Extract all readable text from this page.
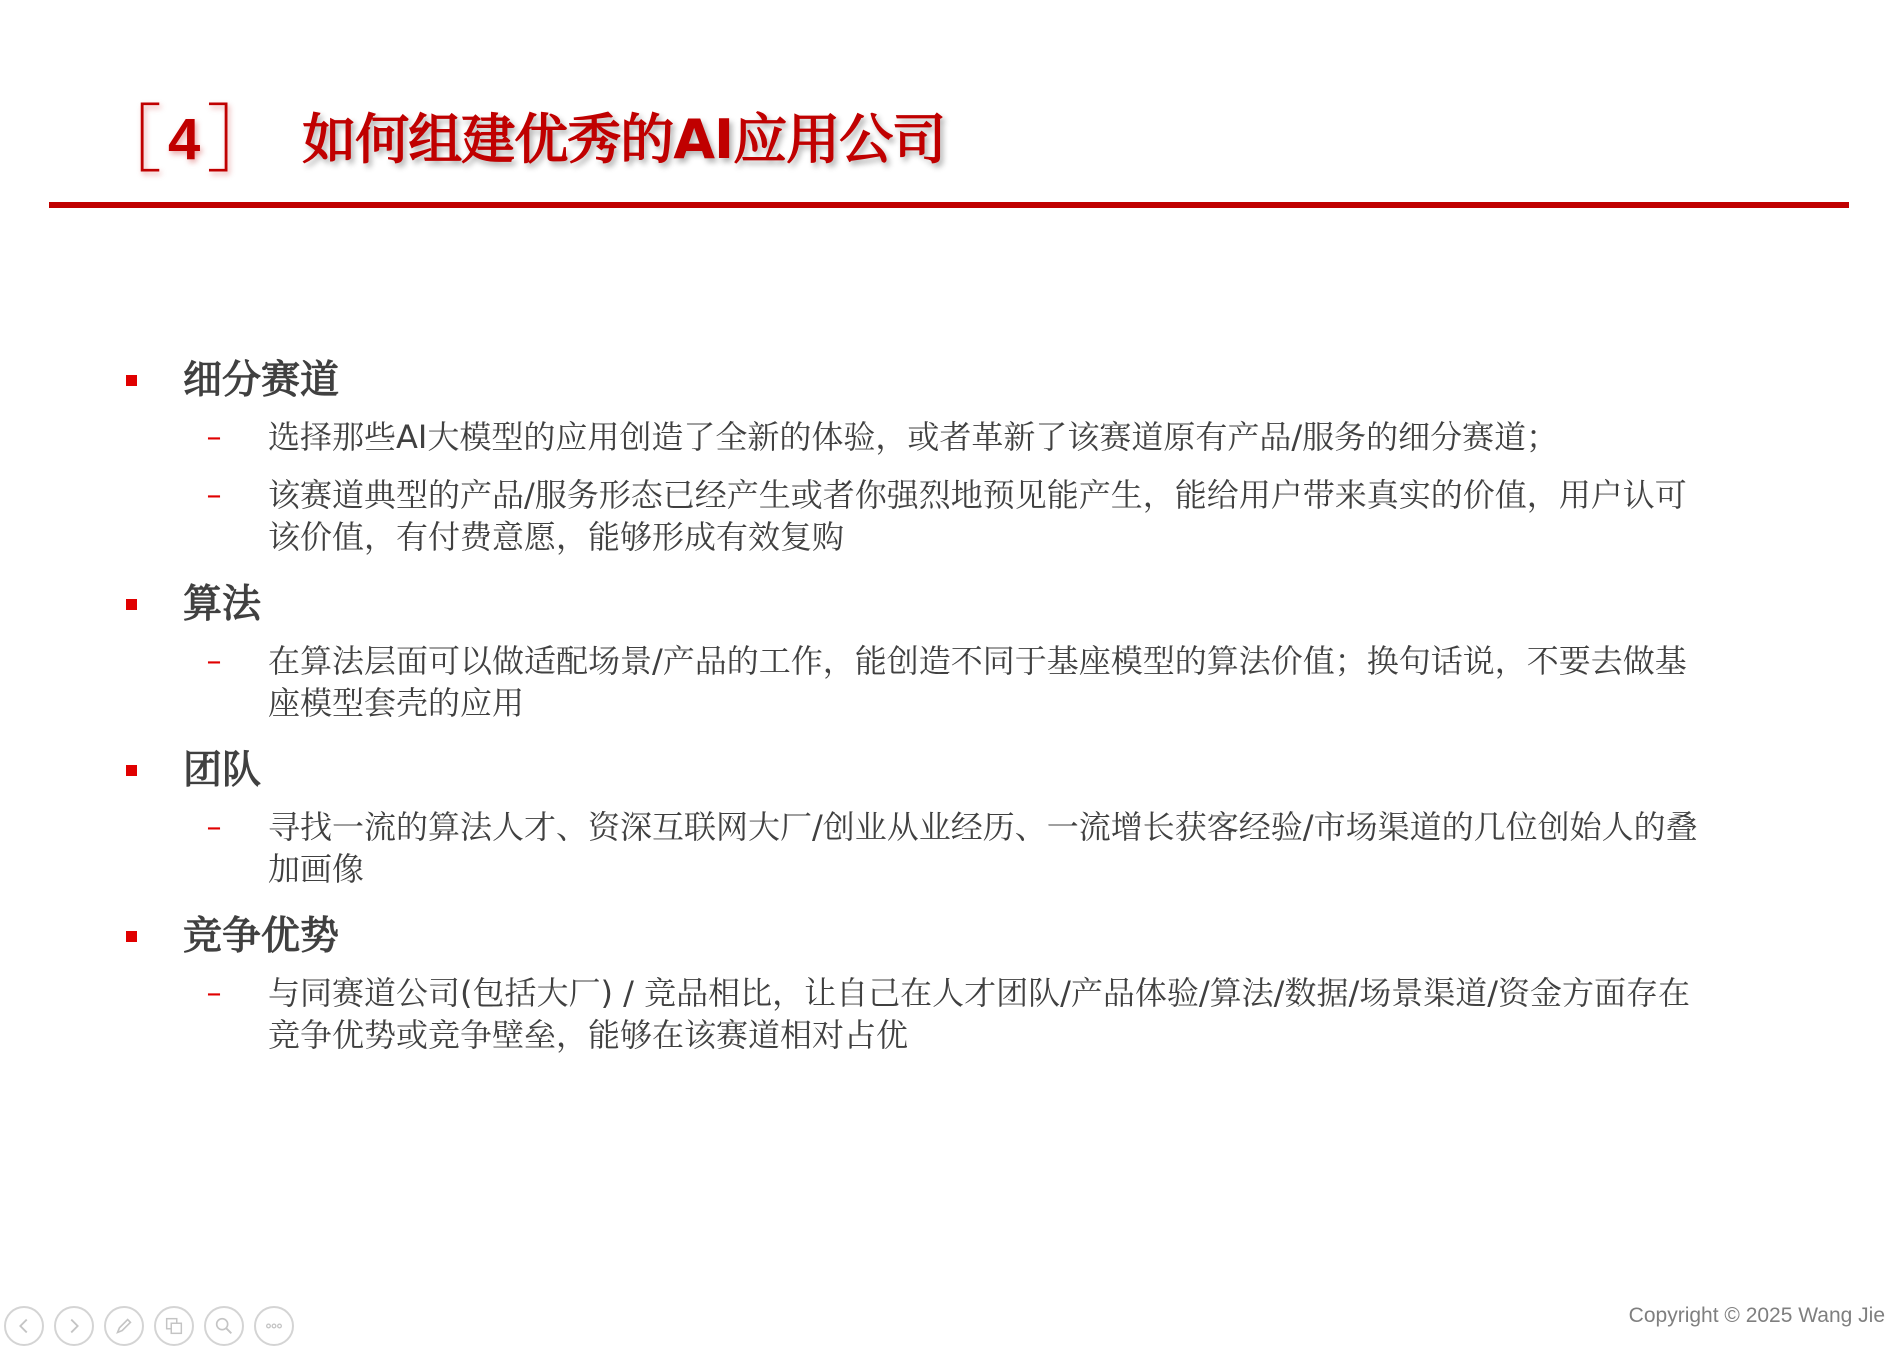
［ 4 ］ 如何组建优秀的AI应用公司
细分赛道
– 选择那些AI大模型的应用创造了全新的体验，或者革新了该赛道原有产品/服务的细分赛道；
– 该赛道典型的产品/服务形态已经产生或者你强烈地预见能产生，能给用户带来真实的价值，用户认可该价值，有付费意愿，能够形成有效复购
算法
– 在算法层面可以做适配场景/产品的工作，能创造不同于基座模型的算法价值；换句话说，不要去做基座模型套壳的应用
团队
– 寻找一流的算法人才、资深互联网大厂/创业从业经历、一流增长获客经验/市场渠道的几位创始人的叠加画像
竞争优势
– 与同赛道公司(包括大厂) / 竞品相比，让自己在人才团队/产品体验/算法/数据/场景渠道/资金方面存在竞争优势或竞争壁垒，能够在该赛道相对占优
Copyright © 2025 Wang Jie
